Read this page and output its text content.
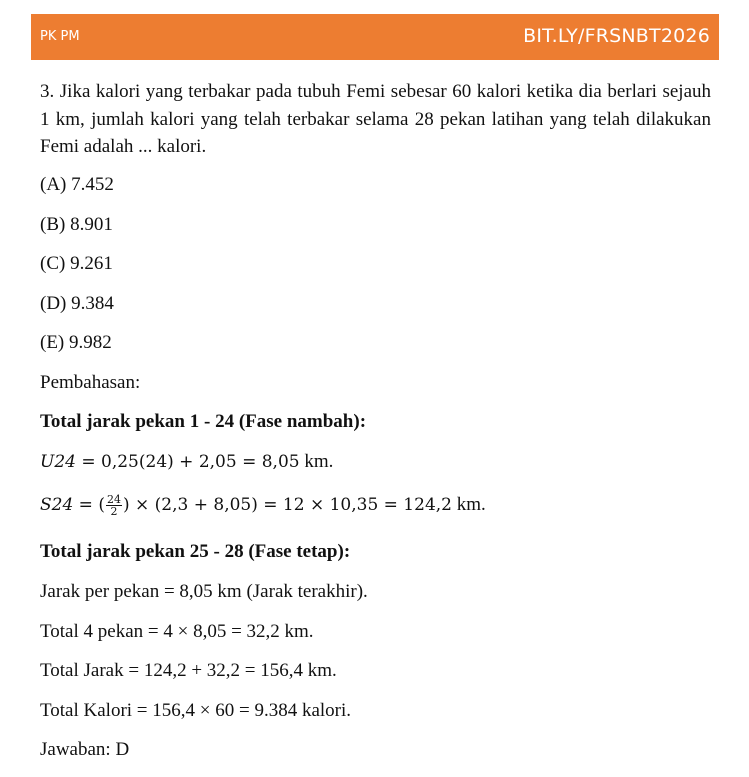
PK PM	BIT.LY/FRSNBT2026

3. Jika kalori yang terbakar pada tubuh Femi sebesar 60 kalori ketika dia berlari sejauh 1 km, jumlah kalori yang telah terbakar selama 28 pekan latihan yang telah dilakukan Femi adalah ... kalori.

(A) 7.452
(B) 8.901
(C) 9.261
(D) 9.384
(E) 9.982
Pembahasan:
Total jarak pekan 1 - 24 (Fase nambah):
U24 = 0,25(24) + 2,05 = 8,05 km.
S24 = ( $\frac{24}{2}$ ) × (2,3 + 8,05) = 12 × 10,35 = 124,2 km.
Total jarak pekan 25 - 28 (Fase tetap):
Jarak per pekan = 8,05 km (Jarak terakhir).
Total 4 pekan = 4 × 8,05 = 32,2 km.
Total Jarak = 124,2 + 32,2 = 156,4 km.
Total Kalori = 156,4 × 60 = 9.384 kalori.
Jawaban: D
